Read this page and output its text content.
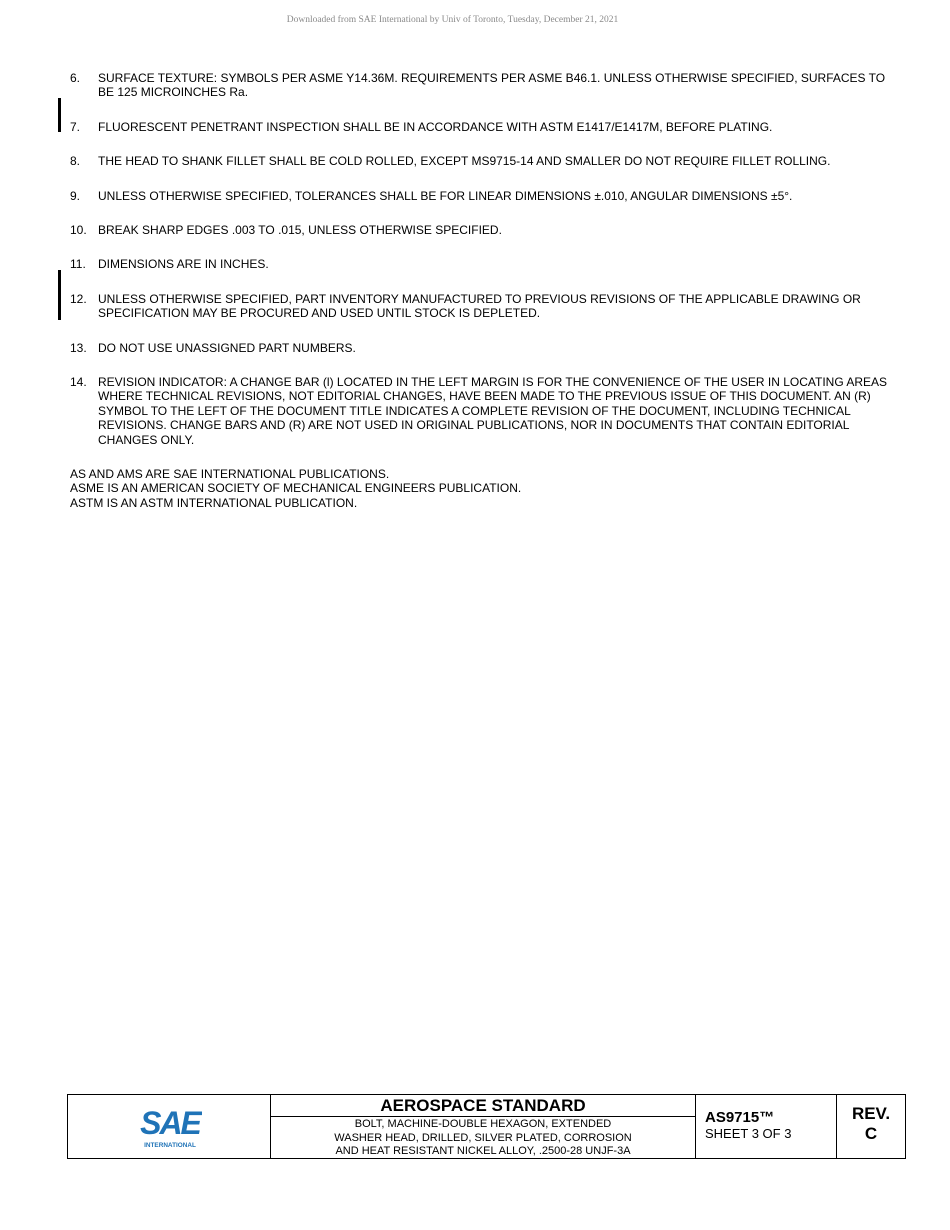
Downloaded from SAE International by Univ of Toronto, Tuesday, December 21, 2021
6.	SURFACE TEXTURE: SYMBOLS PER ASME Y14.36M. REQUIREMENTS PER ASME B46.1. UNLESS OTHERWISE SPECIFIED, SURFACES TO BE 125 MICROINCHES Ra.
7.	FLUORESCENT PENETRANT INSPECTION SHALL BE IN ACCORDANCE WITH ASTM E1417/E1417M, BEFORE PLATING.
8.	THE HEAD TO SHANK FILLET SHALL BE COLD ROLLED, EXCEPT MS9715-14 AND SMALLER DO NOT REQUIRE FILLET ROLLING.
9.	UNLESS OTHERWISE SPECIFIED, TOLERANCES SHALL BE FOR LINEAR DIMENSIONS ±.010, ANGULAR DIMENSIONS ±5°.
10. BREAK SHARP EDGES .003 TO .015, UNLESS OTHERWISE SPECIFIED.
11.	DIMENSIONS ARE IN INCHES.
12. UNLESS OTHERWISE SPECIFIED, PART INVENTORY MANUFACTURED TO PREVIOUS REVISIONS OF THE APPLICABLE DRAWING OR SPECIFICATION MAY BE PROCURED AND USED UNTIL STOCK IS DEPLETED.
13. DO NOT USE UNASSIGNED PART NUMBERS.
14. REVISION INDICATOR: A CHANGE BAR (l) LOCATED IN THE LEFT MARGIN IS FOR THE CONVENIENCE OF THE USER IN LOCATING AREAS WHERE TECHNICAL REVISIONS, NOT EDITORIAL CHANGES, HAVE BEEN MADE TO THE PREVIOUS ISSUE OF THIS DOCUMENT. AN (R) SYMBOL TO THE LEFT OF THE DOCUMENT TITLE INDICATES A COMPLETE REVISION OF THE DOCUMENT, INCLUDING TECHNICAL REVISIONS. CHANGE BARS AND (R) ARE NOT USED IN ORIGINAL PUBLICATIONS, NOR IN DOCUMENTS THAT CONTAIN EDITORIAL CHANGES ONLY.
AS AND AMS ARE SAE INTERNATIONAL PUBLICATIONS.
ASME IS AN AMERICAN SOCIETY OF MECHANICAL ENGINEERS PUBLICATION.
ASTM IS AN ASTM INTERNATIONAL PUBLICATION.
SAE
INTERNATIONAL
AEROSPACE STANDARD
BOLT, MACHINE-DOUBLE HEXAGON, EXTENDED
WASHER HEAD, DRILLED, SILVER PLATED, CORROSION
AND HEAT RESISTANT NICKEL ALLOY, .2500-28 UNJF-3A
AS9715™
SHEET 3 OF 3
REV.
C
